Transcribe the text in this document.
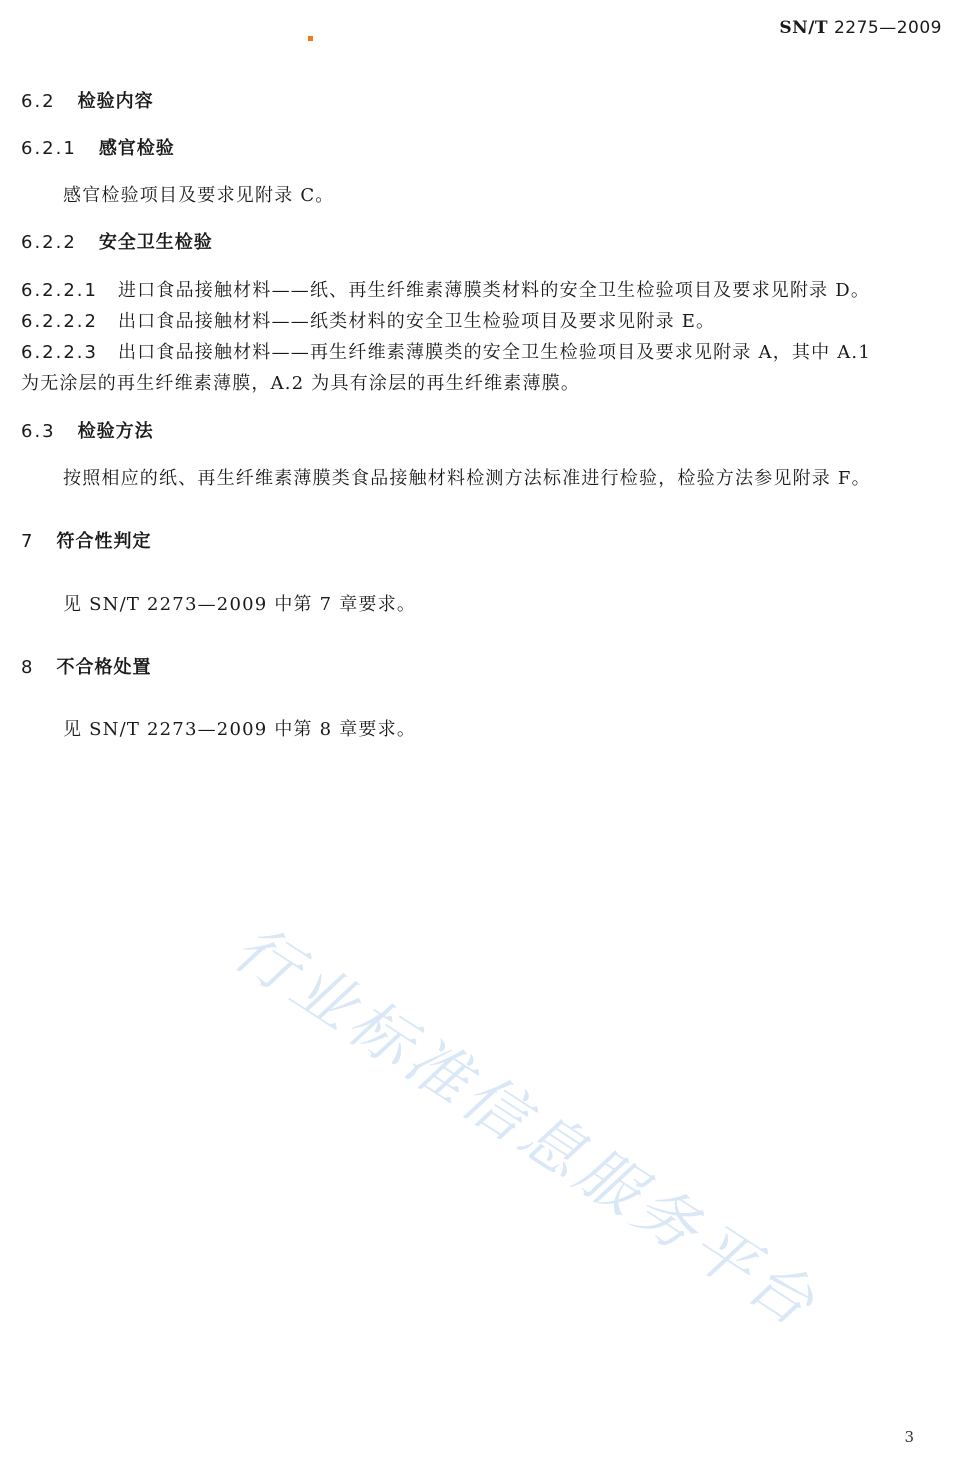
SN/T 2275—2009
6.2 检验内容
6.2.1 感官检验
感官检验项目及要求见附录 C。
6.2.2 安全卫生检验
6.2.2.1 进口食品接触材料——纸、再生纤维素薄膜类材料的安全卫生检验项目及要求见附录 D。
6.2.2.2 出口食品接触材料——纸类材料的安全卫生检验项目及要求见附录 E。
6.2.2.3 出口食品接触材料——再生纤维素薄膜类的安全卫生检验项目及要求见附录 A，其中 A.1
为无涂层的再生纤维素薄膜，A.2 为具有涂层的再生纤维素薄膜。
6.3 检验方法
按照相应的纸、再生纤维素薄膜类食品接触材料检测方法标准进行检验，检验方法参见附录 F。
7 符合性判定
见 SN/T 2273—2009 中第 7 章要求。
8 不合格处置
见 SN/T 2273—2009 中第 8 章要求。
行业标准信息服务平台
3
